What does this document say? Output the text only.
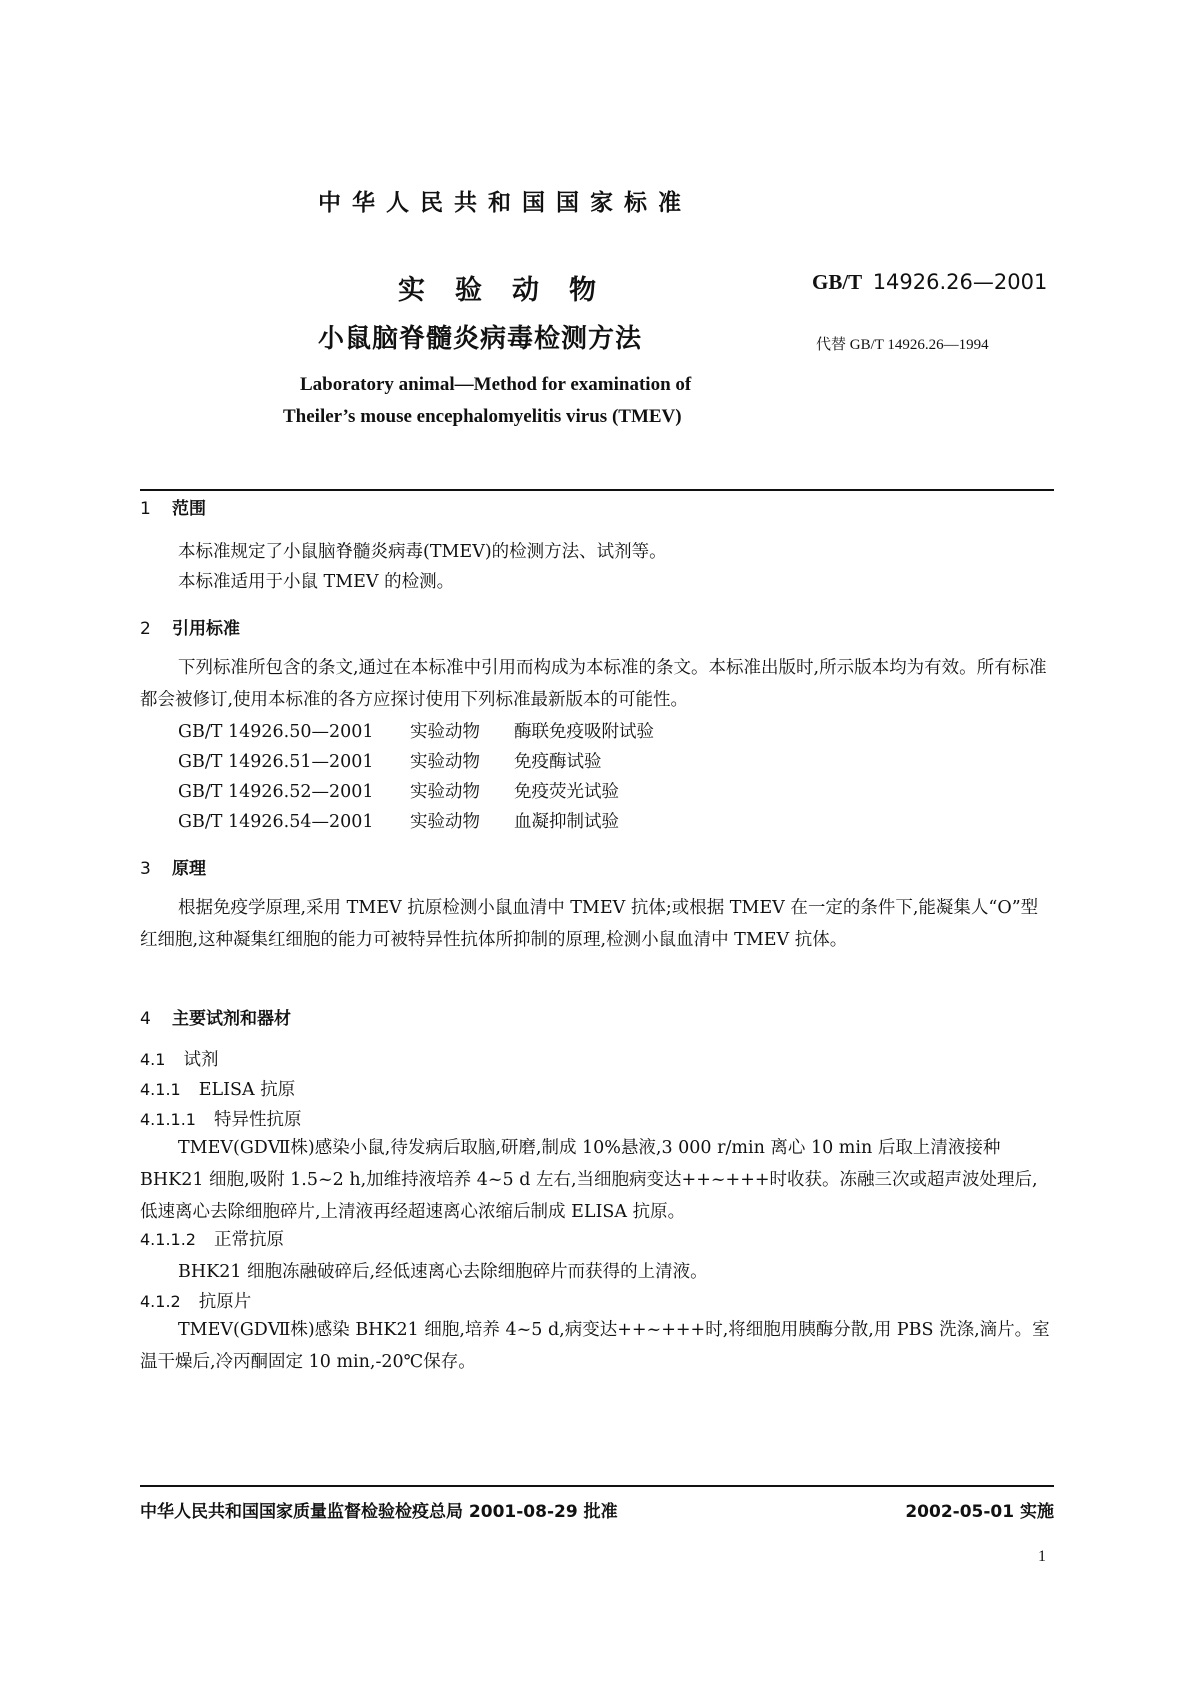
中华人民共和国国家标准
实验动物
小鼠脑脊髓炎病毒检测方法
GB/T 14926.26—2001
代替 GB/T 14926.26—1994
Laboratory animal—Method for examination of
Theiler’s mouse encephalomyelitis virus (TMEV)
1 范围
本标准规定了小鼠脑脊髓炎病毒(TMEV)的检测方法、试剂等。
本标准适用于小鼠 TMEV 的检测。
2 引用标准
下列标准所包含的条文,通过在本标准中引用而构成为本标准的条文。本标准出版时,所示版本均为有效。所有标准都会被修订,使用本标准的各方应探讨使用下列标准最新版本的可能性。
GB/T 14926.50—2001 实验动物 酶联免疫吸附试验
GB/T 14926.51—2001 实验动物 免疫酶试验
GB/T 14926.52—2001 实验动物 免疫荧光试验
GB/T 14926.54—2001 实验动物 血凝抑制试验
3 原理
根据免疫学原理,采用 TMEV 抗原检测小鼠血清中 TMEV 抗体;或根据 TMEV 在一定的条件下,能凝集人“O”型红细胞,这种凝集红细胞的能力可被特异性抗体所抑制的原理,检测小鼠血清中 TMEV 抗体。
4 主要试剂和器材
4.1 试剂
4.1.1 ELISA 抗原
4.1.1.1 特异性抗原
TMEV(GDⅦ株)感染小鼠,待发病后取脑,研磨,制成 10%悬液,3 000 r/min 离心 10 min 后取上清液接种 BHK21 细胞,吸附 1.5~2 h,加维持液培养 4~5 d 左右,当细胞病变达++~+++时收获。冻融三次或超声波处理后,低速离心去除细胞碎片,上清液再经超速离心浓缩后制成 ELISA 抗原。
4.1.1.2 正常抗原
BHK21 细胞冻融破碎后,经低速离心去除细胞碎片而获得的上清液。
4.1.2 抗原片
TMEV(GDⅦ株)感染 BHK21 细胞,培养 4~5 d,病变达++~+++时,将细胞用胰酶分散,用 PBS 洗涤,滴片。室温干燥后,冷丙酮固定 10 min,-20℃保存。
中华人民共和国国家质量监督检验检疫总局 2001-08-29 批准	2002-05-01 实施
1
